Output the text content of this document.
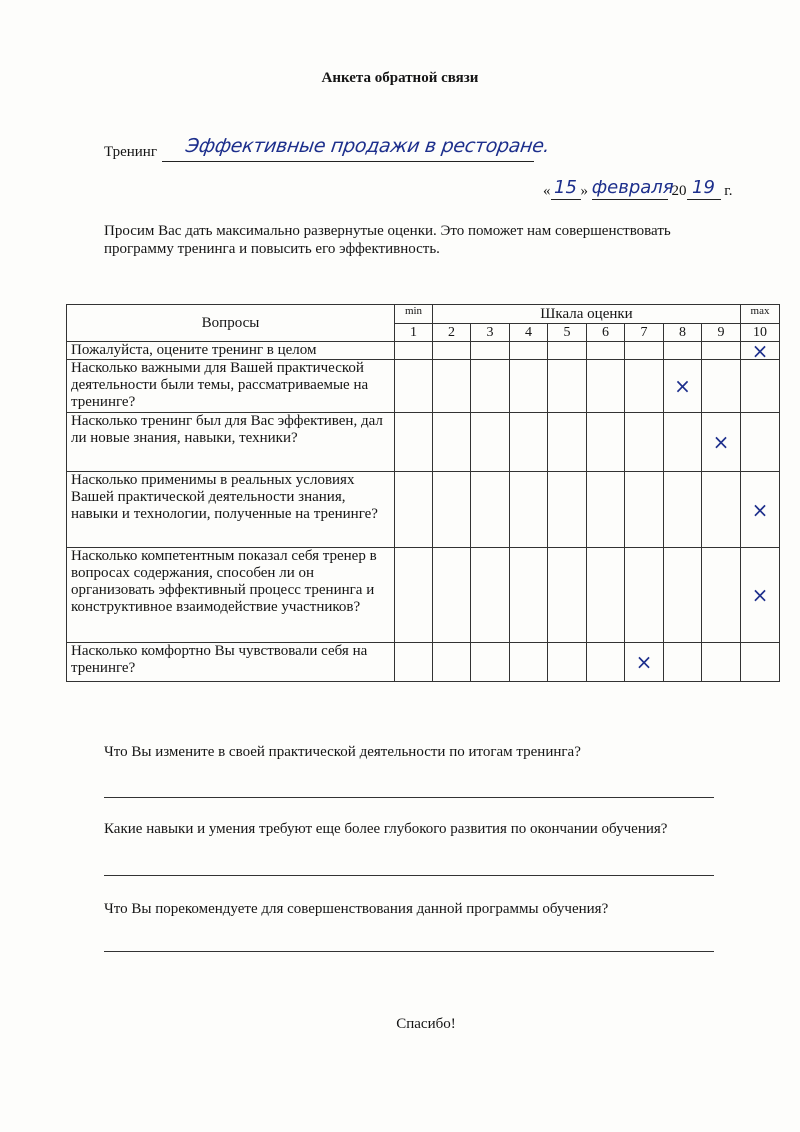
Анкета обратной связи
Тренинг Эффективные продажи в ресторане.
« 15 » февраля
20 19 г.
Просим Вас дать максимально развернутые оценки. Это поможет нам совершенствовать программу тренинга и повысить его эффективность.
Вопросы	min	Шкала оценки								max
	1	2	3	4	5	6	7	8	9	10
Пожалуйста, оцените тренинг в целом										×

Насколько важными для Вашей практической деятельности были темы, рассматриваемые на тренинге?								×		

Насколько тренинг был для Вас эффективен, дал ли новые знания, навыки, техники?									×	

Насколько применимы в реальных условиях Вашей практической деятельности знания, навыки и технологии, полученные на тренинге?										×

Насколько компетентным показал себя тренер в вопросах содержания, способен ли он организовать эффективный процесс тренинга и конструктивное взаимодействие участников?										×

Насколько комфортно Вы чувствовали себя на тренинге?							×			

Что Вы измените в своей практической деятельности по итогам тренинга?
Какие навыки и умения требуют еще более глубокого развития по окончании обучения?
Что Вы порекомендуете для совершенствования данной программы обучения?
Спасибо!
